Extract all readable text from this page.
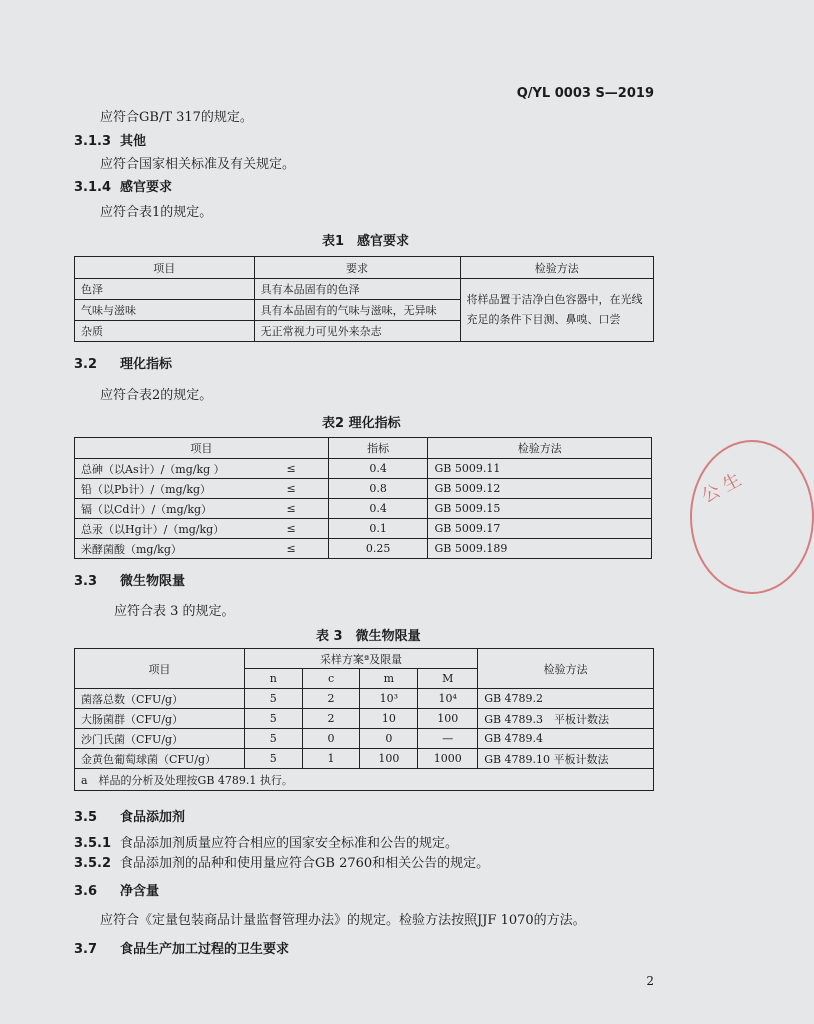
Q/YL 0003 S—2019
应符合GB/T 317的规定。
3.1.3 其他
应符合国家相关标准及有关规定。
3.1.4 感官要求
应符合表1的规定。
表1　感官要求
项目	要求	检验方法
色泽	具有本品固有的色泽	将样品置于洁净白色容器中，在光线充足的条件下目测、鼻嗅、口尝
气味与滋味	具有本品固有的气味与滋味，无异味	
杂质	无正常视力可见外来杂志	
3.2 理化指标
应符合表2的规定。
表2 理化指标
项目		指标	检验方法
总砷（以As计）/（mg/kg ）	≤	0.4	GB 5009.11
铅（以Pb计）/（mg/kg）	≤	0.8	GB 5009.12
镉（以Cd计）/（mg/kg）	≤	0.4	GB 5009.15
总汞（以Hg计）/（mg/kg）	≤	0.1	GB 5009.17
米酵菌酸（mg/kg）	≤	0.25	GB 5009.189
3.3 微生物限量
应符合表 3 的规定。
表 3　微生物限量
项目	采样方案ª及限量				检验方法
	n	c	m	M	
菌落总数（CFU/g）	5	2	10³	10⁴	GB 4789.2
大肠菌群（CFU/g）	5	2	10	100	GB 4789.3　平板计数法
沙门氏菌（CFU/g）	5	0	0	—	GB 4789.4
金黄色葡萄球菌（CFU/g）	5	1	100	1000	GB 4789.10 平板计数法
a　样品的分析及处理按GB 4789.1 执行。					
3.5 食品添加剂
3.5.1 食品添加剂质量应符合相应的国家安全标准和公告的规定。
3.5.2 食品添加剂的品种和使用量应符合GB 2760和相关公告的规定。
3.6 净含量
应符合《定量包装商品计量监督管理办法》的规定。检验方法按照JJF 1070的方法。
3.7 食品生产加工过程的卫生要求
2
公 生
